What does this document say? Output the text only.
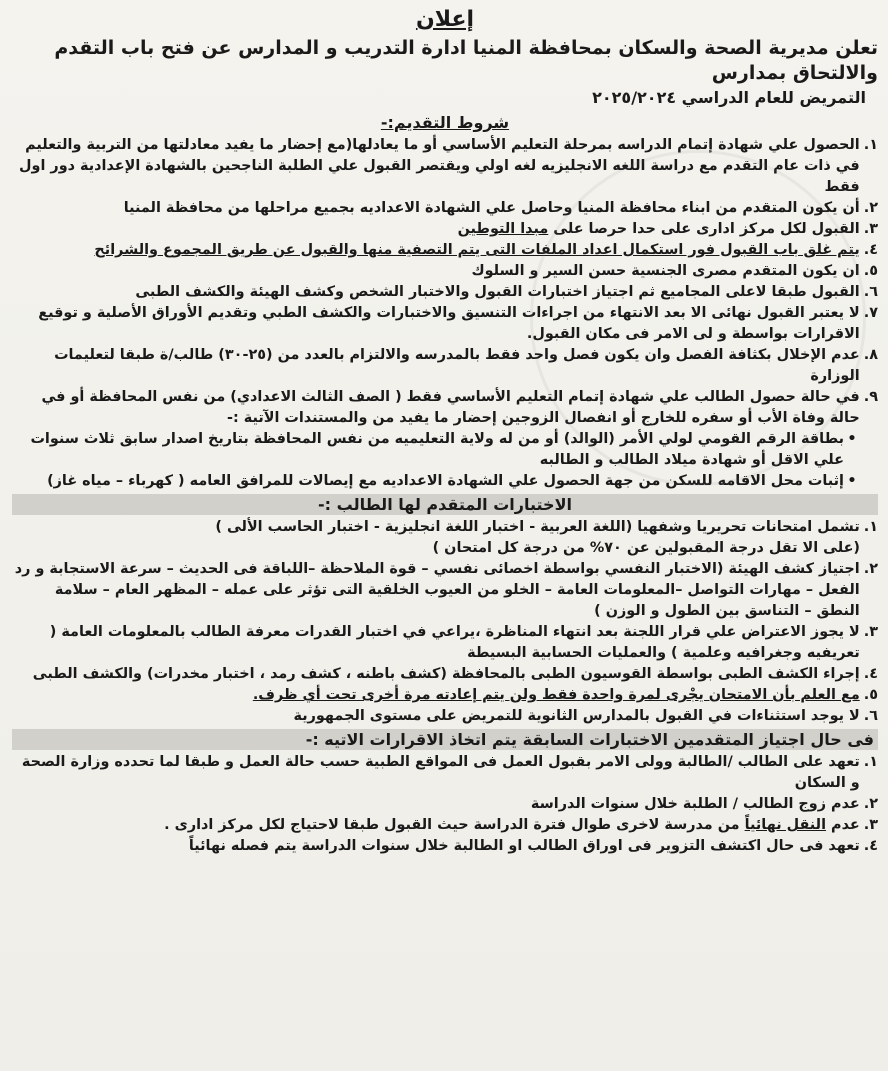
إعلان

تعلن مديرية الصحة والسكان بمحافظة المنيا ادارة التدريب و المدارس عن فتح باب التقدم والالتحاق بمدارس

التمريض للعام الدراسي ٢٠٢٥/٢٠٢٤

شروط التقديم:-
١.
الحصول علي شهادة إتمام الدراسه بمرحلة التعليم الأساسي أو ما يعادلها(مع إحضار ما يفيد معادلتها من التربية والتعليم في ذات عام التقدم مع دراسة اللغه الانجليزيه لغه اولي ويقتصر القبول علي الطلبة الناجحين بالشهادة الإعدادية دور اول فقط
٢.
أن يكون المتقدم من ابناء محافظة المنيا وحاصل علي الشهادة الاعداديه بجميع مراحلها من محافظة المنيا
٣.
القبول لكل مركز ادارى على حدا حرصا على مبدا التوطين
٤.
يتم غلق باب القبول فور استكمال اعداد الملفات التى يتم التصفية منها والقبول عن طريق المجموع والشرائح
٥.
ان يكون المتقدم مصرى الجنسية حسن السير و السلوك
٦.
القبول طبقا لاعلى المجاميع ثم اجتياز اختبارات القبول والاختبار الشخص وكشف الهيئة والكشف الطبى
٧.
لا يعتبر القبول نهائى الا بعد الانتهاء من اجراءات التنسيق والاختبارات والكشف الطبي وتقديم الأوراق الأصلية و توقيع الاقرارات بواسطة و لى الامر فى مكان القبول.
٨.
عدم الإخلال بكثافة الفصل وان يكون فصل واحد فقط بالمدرسه والالتزام بالعدد من (٢٥-٣٠) طالب/ة طبقا لتعليمات الوزارة
٩.
في حالة حصول الطالب علي شهادة إتمام التعليم الأساسي فقط ( الصف الثالث الاعدادي) من نفس المحافظة أو في حالة وفاة الأب أو سفره للخارج أو انفصال الزوجين إحضار ما يفيد من والمستندات الآتية :-
•
بطاقة الرقم القومي لولي الأمر (الوالد) أو من له ولاية التعليميه من نفس المحافظة بتاريخ اصدار سابق ثلاث سنوات علي الاقل أو شهادة ميلاد الطالب و الطالبه
•
إثبات محل الاقامه للسكن من جهة الحصول علي الشهادة الاعداديه مع إيصالات للمرافق العامه ( كهرباء – مياه غاز)
الاختبارات المتقدم لها الطالب :-
١.
تشمل امتحانات تحريريا وشفهيا (اللغة العربية - اختبار اللغة انجليزية - اختبار الحاسب الألى )
(على الا تقل درجة المقبولين عن ٧٠% من درجة كل امتحان )
٢.
اجتياز كشف الهيئة (الاختبار النفسي بواسطة اخصائى نفسي – قوة الملاحظة –اللباقة فى الحديث – سرعة الاستجابة و رد الفعل – مهارات التواصل –المعلومات العامة – الخلو من العيوب الخلقية التى تؤثر على عمله – المظهر العام – سلامة النطق – التناسق بين الطول و الوزن )
٣.
لا يجوز الاعتراض علي قرار اللجنة بعد انتهاء المناظرة ،يراعي في اختبار القدرات معرفة الطالب بالمعلومات العامة ( تعريفيه وجغرافيه وعلمية ) والعمليات الحسابية البسيطة
٤.
إجراء الكشف الطبى بواسطة القوسيون الطبى بالمحافظة (كشف باطنه ، كشف رمد ، اختبار مخدرات) والكشف الطبى
٥.
مع العلم بأن الامتحان يجْرى لمرة واحدة فقط ولن يتم إعادته مرة أخرى تحت أي ظرف.
٦.
لا يوجد استثناءات في القبول بالمدارس الثانوية للتمريض على مستوى الجمهورية
فى حال اجتياز المتقدمين الاختبارات السابقة يتم اتخاذ الاقرارات الاتيه :-
١.
تعهد على الطالب /الطالبة وولى الامر بقبول العمل فى المواقع الطبية حسب حالة العمل و طبقا لما تحدده وزارة الصحة و السكان
٢.
عدم زوج الطالب / الطلبة خلال سنوات الدراسة
٣.
عدم النقل نهائياً من مدرسة لاخرى طوال فترة الدراسة حيث القبول طبقا لاحتياج لكل مركز ادارى .
٤.
تعهد فى حال اكتشف التزوير فى اوراق الطالب او الطالبة خلال سنوات الدراسة يتم فصله نهائياً
